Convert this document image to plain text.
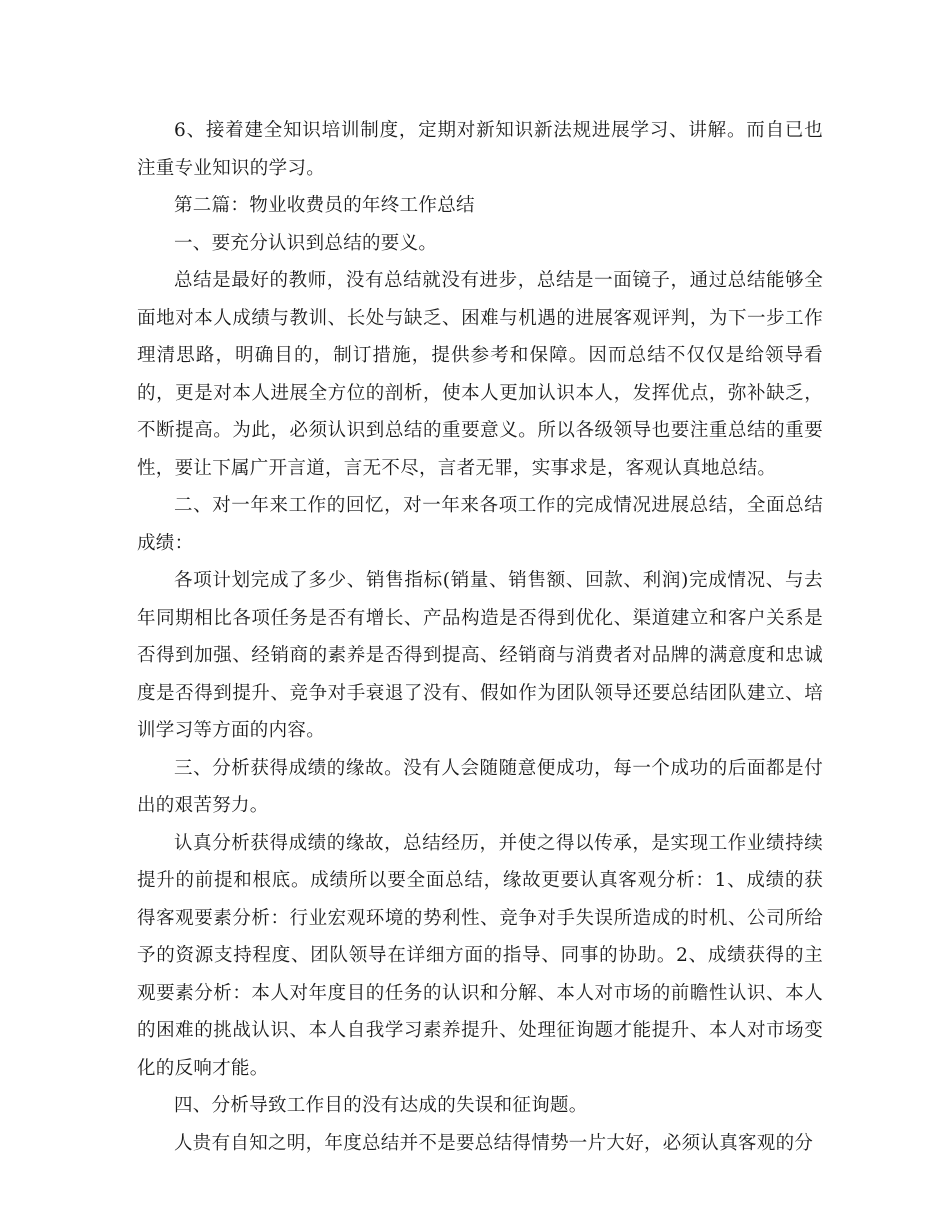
6、接着建全知识培训制度，定期对新知识新法规进展学习、讲解。而自已也注重专业知识的学习。

第二篇：物业收费员的年终工作总结

一、要充分认识到总结的要义。

总结是最好的教师，没有总结就没有进步，总结是一面镜子，通过总结能够全面地对本人成绩与教训、长处与缺乏、困难与机遇的进展客观评判，为下一步工作理清思路，明确目的，制订措施，提供参考和保障。因而总结不仅仅是给领导看的，更是对本人进展全方位的剖析，使本人更加认识本人，发挥优点，弥补缺乏，不断提高。为此，必须认识到总结的重要意义。所以各级领导也要注重总结的重要性，要让下属广开言道，言无不尽，言者无罪，实事求是，客观认真地总结。

二、对一年来工作的回忆，对一年来各项工作的完成情况进展总结，全面总结成绩：

各项计划完成了多少、销售指标(销量、销售额、回款、利润)完成情况、与去年同期相比各项任务是否有增长、产品构造是否得到优化、渠道建立和客户关系是否得到加强、经销商的素养是否得到提高、经销商与消费者对品牌的满意度和忠诚度是否得到提升、竞争对手衰退了没有、假如作为团队领导还要总结团队建立、培训学习等方面的内容。

三、分析获得成绩的缘故。没有人会随随意便成功，每一个成功的后面都是付出的艰苦努力。

认真分析获得成绩的缘故，总结经历，并使之得以传承，是实现工作业绩持续提升的前提和根底。成绩所以要全面总结，缘故更要认真客观分析：1、成绩的获得客观要素分析：行业宏观环境的势利性、竞争对手失误所造成的时机、公司所给予的资源支持程度、团队领导在详细方面的指导、同事的协助。2、成绩获得的主观要素分析：本人对年度目的任务的认识和分解、本人对市场的前瞻性认识、本人的困难的挑战认识、本人自我学习素养提升、处理征询题才能提升、本人对市场变化的反响才能。

四、分析导致工作目的没有达成的失误和征询题。

人贵有自知之明，年度总结并不是要总结得情势一片大好，必须认真客观的分
